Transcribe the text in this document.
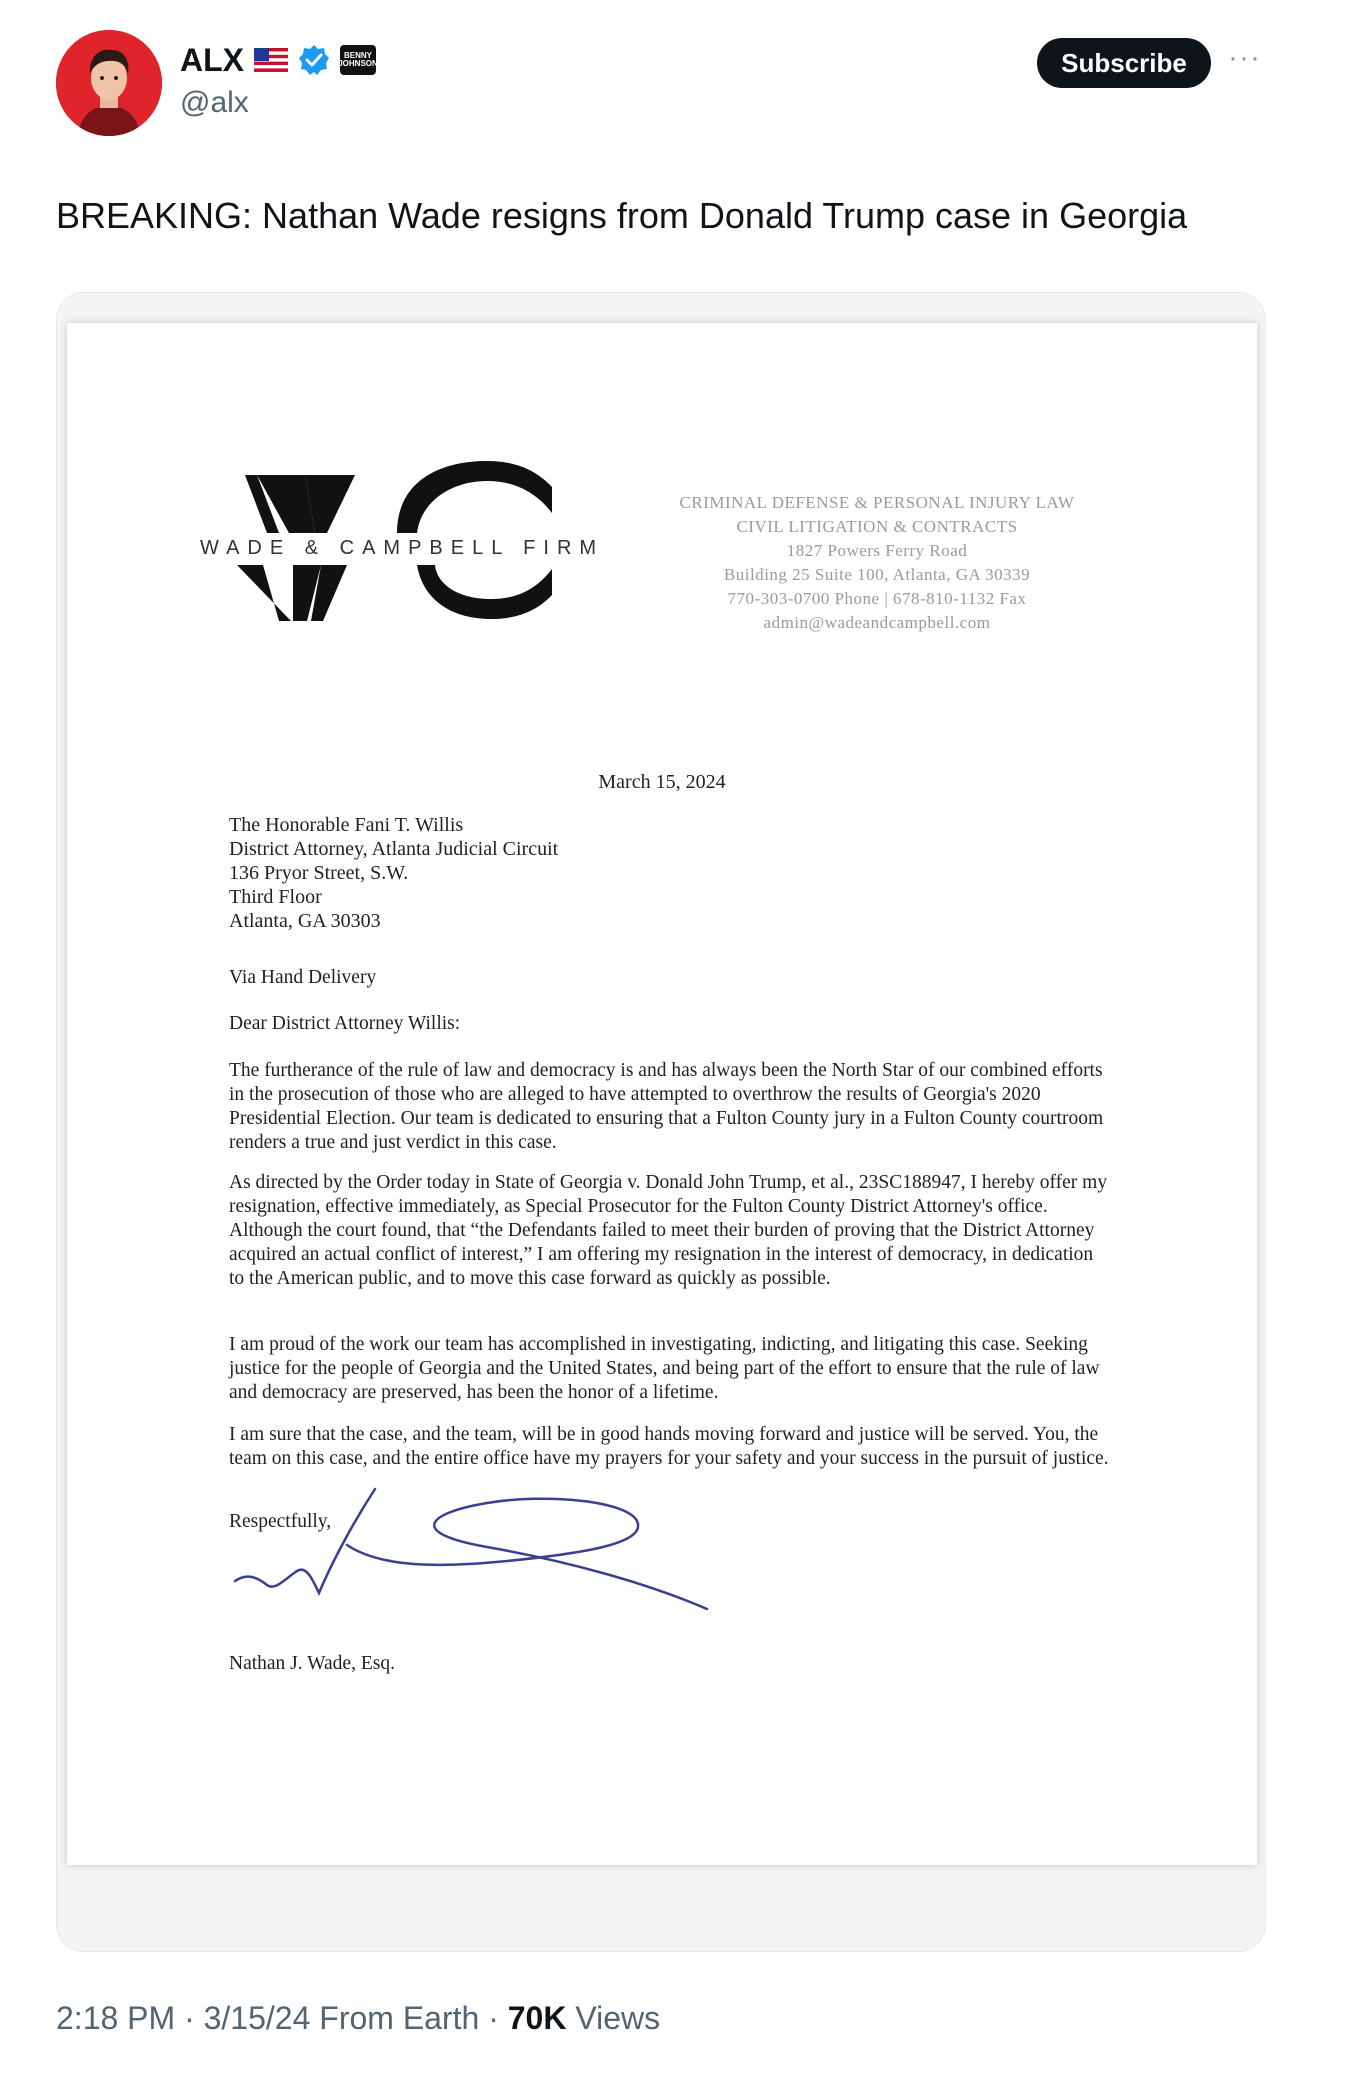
ALX	BENNY JOHNSON
@alx
Subscribe	···
BREAKING: Nathan Wade resigns from Donald Trump case in Georgia
WADE & CAMPBELL FIRM
CRIMINAL DEFENSE & PERSONAL INJURY LAW
CIVIL LITIGATION & CONTRACTS
1827 Powers Ferry Road
Building 25 Suite 100, Atlanta, GA 30339
770-303-0700 Phone | 678-810-1132 Fax
admin@wadeandcampbell.com
March 15, 2024
The Honorable Fani T. Willis
District Attorney, Atlanta Judicial Circuit
136 Pryor Street, S.W.
Third Floor
Atlanta, GA 30303
Via Hand Delivery
Dear District Attorney Willis:
The furtherance of the rule of law and democracy is and has always been the North Star of our combined efforts in the prosecution of those who are alleged to have attempted to overthrow the results of Georgia's 2020 Presidential Election. Our team is dedicated to ensuring that a Fulton County jury in a Fulton County courtroom renders a true and just verdict in this case.
As directed by the Order today in State of Georgia v. Donald John Trump, et al., 23SC188947, I hereby offer my resignation, effective immediately, as Special Prosecutor for the Fulton County District Attorney's office. Although the court found, that “the Defendants failed to meet their burden of proving that the District Attorney acquired an actual conflict of interest,” I am offering my resignation in the interest of democracy, in dedication to the American public, and to move this case forward as quickly as possible.
I am proud of the work our team has accomplished in investigating, indicting, and litigating this case. Seeking justice for the people of Georgia and the United States, and being part of the effort to ensure that the rule of law and democracy are preserved, has been the honor of a lifetime.
I am sure that the case, and the team, will be in good hands moving forward and justice will be served. You, the team on this case, and the entire office have my prayers for your safety and your success in the pursuit of justice.
Respectfully,
Nathan J. Wade, Esq.
2:18 PM · 3/15/24 From Earth · 70K Views
